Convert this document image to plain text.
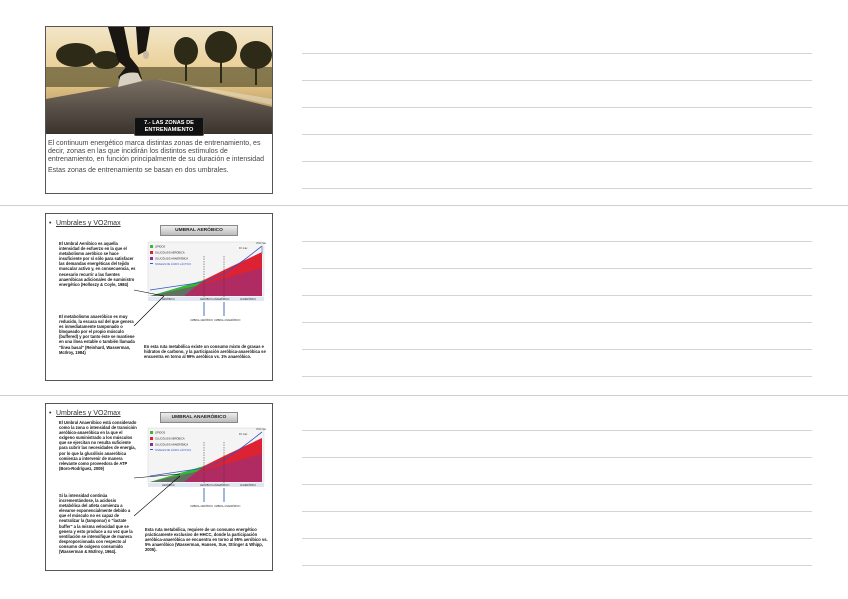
7.- LAS ZONAS DE ENTRENAMIENTO

El continuum energético marca distintas zonas de entrenamiento, es decir, zonas en las que incidirán los distintos estímulos de entrenamiento, en función principalmente de su duración e intensidad

Estas zonas de entrenamiento se basan en dos umbrales.

• Umbrales y VO2max
UMBRAL AERÓBICO
El Umbral Aeróbico es aquella intensidad de esfuerzo en la que el metabolismo aeróbico se hace insuficiente por sí sólo para satisfacer las demandas energéticas del tejido muscular activo y, en consecuencia, es necesario recurrir a las fuentes anaeróbicas adicionales de suministro energético (Holloszy & Coyle, 1984)
El metabolismo anaeróbico es muy reducido, la escasa sal del que genera es inmediatamente tamponado o bloqueado por el propio músculo (buffered) y por tanto éste se mantiene en una línea estable o también llamada "línea basal" (Reinhard, Wasserman, McIlroy, 1984)
En esta ruta metabólica existe un consumo mixto de grasas e hidratos de carbono, y la participación aeróbica-anaeróbica se encuentra en torno al 99% aeróbico vs. 1% anaeróbico.
LÍPIDOS
GLUCÓLISIS AERÓBICA
GLUCÓLISIS ANAERÓBICA
NIVELES DE ÁCIDO LÁCTICO
AERÓBICO	AERÓBICO-ANAERÓBICO	ANAERÓBICO
UMBRAL AERÓBICO UMBRAL ANAERÓBICO
FC max
VO2 max
• Umbrales y VO2max
UMBRAL ANAERÓBICO
El Umbral Anaeróbico está considerado como la zona o intensidad de transición aeróbico-anaeróbica en la que el oxígeno suministrado a los músculos que se ejercitan no resulta suficiente para cubrir las necesidades de energía, por lo que la glucólisis anaeróbica comienza a intervenir de manera relevante como proveedora de ATP (Boro-Rodríguez, 2009)
Si la intensidad continúa incrementándose, la acidosis metabólica del atleta comienza a elevarse exponencialmente debido a que el músculo no es capaz de neutralizar la (tamponar) o "lactate buffer" a la misma velocidad que se genera y esto produce a su vez que la ventilación se intensifique de manera desproporcionada con respecto al consumo de oxígeno consumido (Wasserman & McIlroy, 1964).
Esta ruta metabólica, requiere de un consumo energético prácticamente exclusivo de HHCC, donde la participación aeróbica-anaeróbica se encuentra en torno al 95% aeróbico vs. 5% anaeróbico (Wasserman, Hansen, Sue, Stringer & Whipp, 2005).
LÍPIDOS
GLUCÓLISIS AERÓBICA
GLUCÓLISIS ANAERÓBICA
NIVELES DE ÁCIDO LÁCTICO
AERÓBICO	AERÓBICO-ANAERÓBICO	ANAERÓBICO
UMBRAL AERÓBICO UMBRAL ANAERÓBICO
FC max
VO2 max
